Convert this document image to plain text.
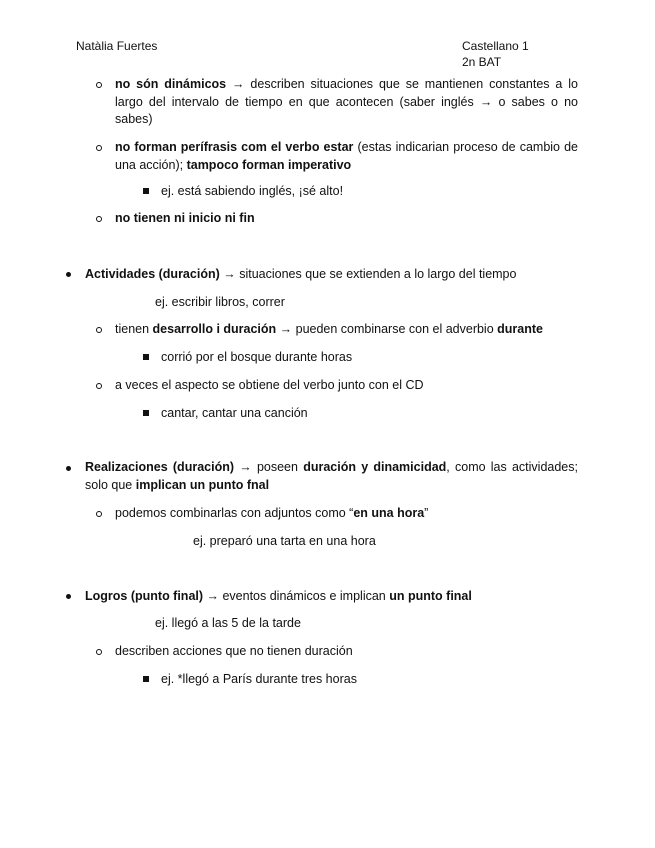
Natàlia Fuertes	Castellano 1
2n BAT
no són dinámicos → describen situaciones que se mantienen constantes a lo largo del intervalo de tiempo en que acontecen (saber inglés → o sabes o no sabes)
no forman perífrasis com el verbo estar (estas indicarian proceso de cambio de una acción); tampoco forman imperativo
ej. está sabiendo inglés, ¡sé alto!
no tienen ni inicio ni fin
Actividades (duración) → situaciones que se extienden a lo largo del tiempo
ej. escribir libros, correr
tienen desarrollo i duración → pueden combinarse con el adverbio durante
corrió por el bosque durante horas
a veces el aspecto se obtiene del verbo junto con el CD
cantar, cantar una canción
Realizaciones (duración) → poseen duración y dinamicidad, como las actividades; solo que implican un punto fnal
podemos combinarlas con adjuntos como “en una hora”
ej. preparó una tarta en una hora
Logros (punto final) → eventos dinámicos e implican un punto final
ej. llegó a las 5 de la tarde
describen acciones que no tienen duración
ej. *llegó a París durante tres horas
